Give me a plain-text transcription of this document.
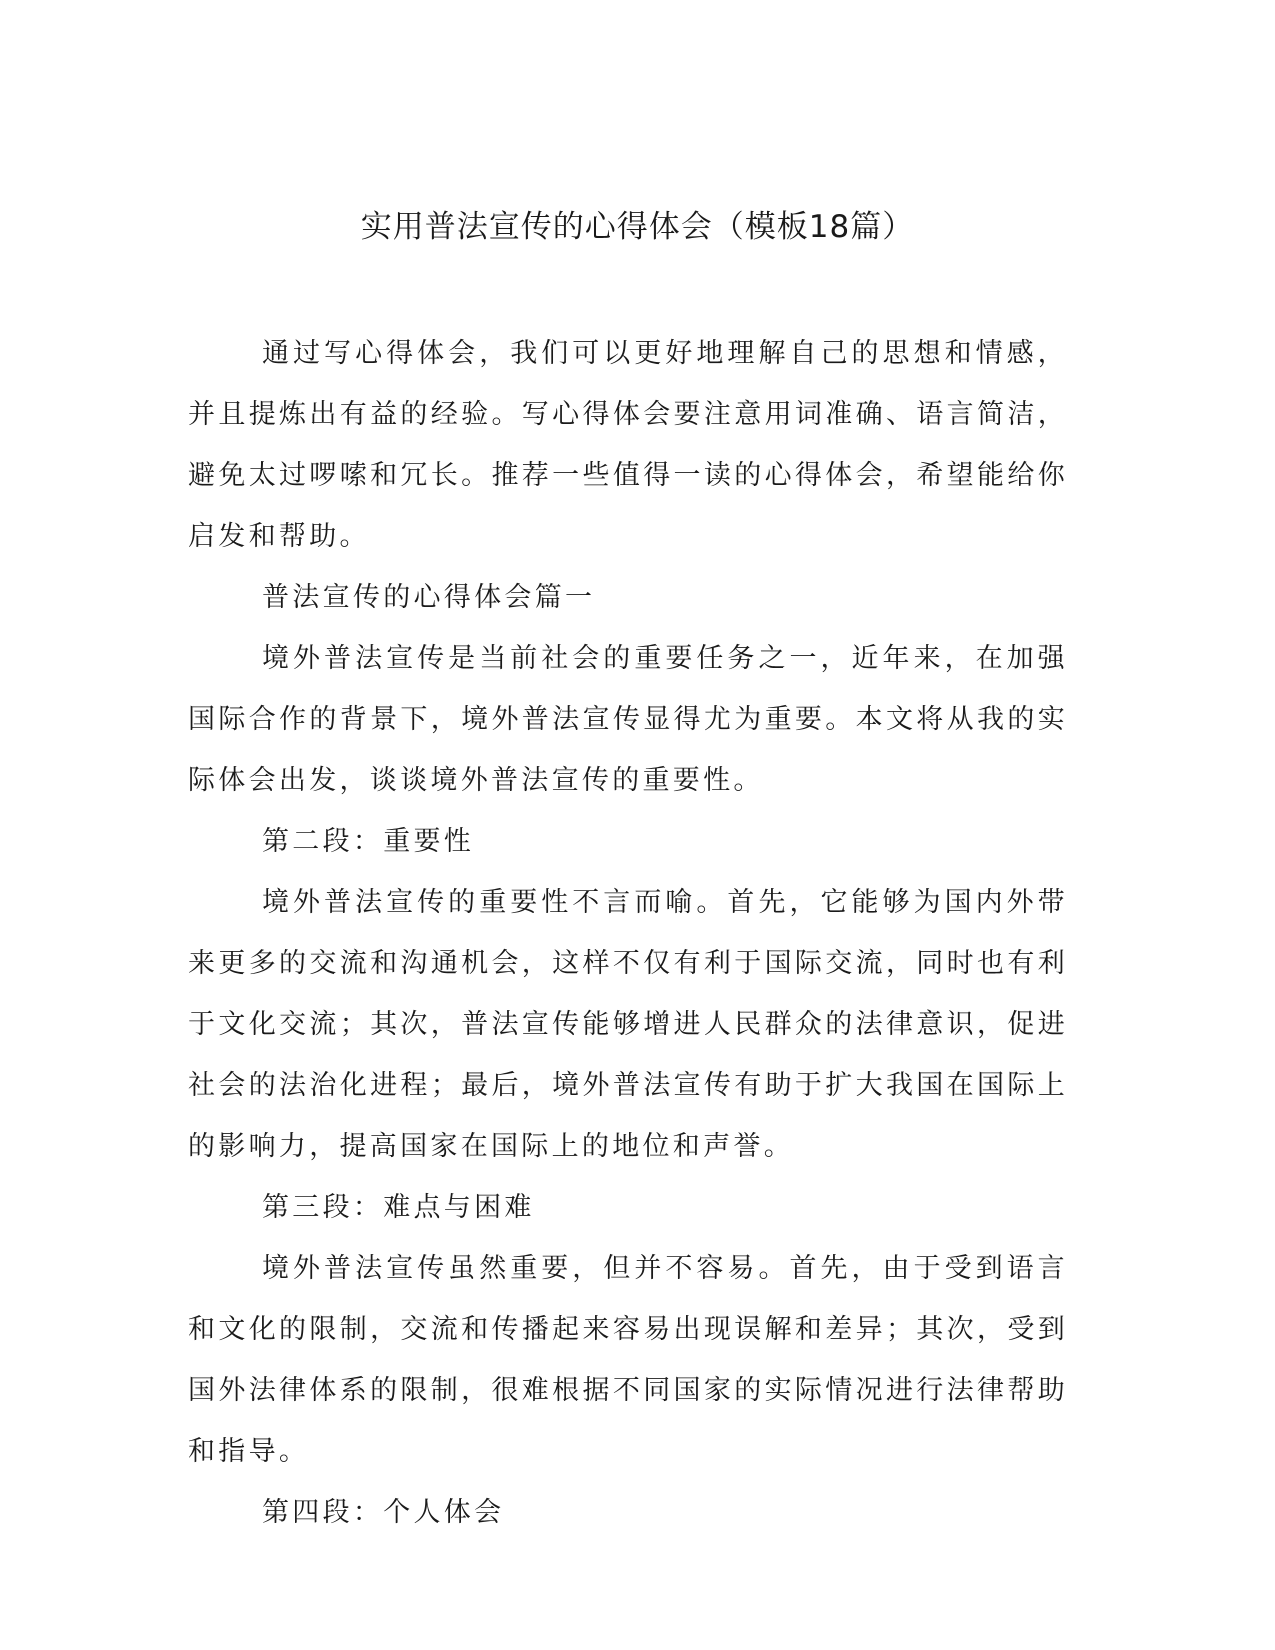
实用普法宣传的心得体会（模板18篇）

通过写心得体会，我们可以更好地理解自己的思想和情感，并且提炼出有益的经验。写心得体会要注意用词准确、语言简洁，避免太过啰嗦和冗长。推荐一些值得一读的心得体会，希望能给你启发和帮助。

普法宣传的心得体会篇一

境外普法宣传是当前社会的重要任务之一，近年来，在加强国际合作的背景下，境外普法宣传显得尤为重要。本文将从我的实际体会出发，谈谈境外普法宣传的重要性。

第二段：重要性

境外普法宣传的重要性不言而喻。首先，它能够为国内外带来更多的交流和沟通机会，这样不仅有利于国际交流，同时也有利于文化交流；其次，普法宣传能够增进人民群众的法律意识，促进社会的法治化进程；最后，境外普法宣传有助于扩大我国在国际上的影响力，提高国家在国际上的地位和声誉。

第三段：难点与困难

境外普法宣传虽然重要，但并不容易。首先，由于受到语言和文化的限制，交流和传播起来容易出现误解和差异；其次，受到国外法律体系的限制，很难根据不同国家的实际情况进行法律帮助和指导。

第四段：个人体会
